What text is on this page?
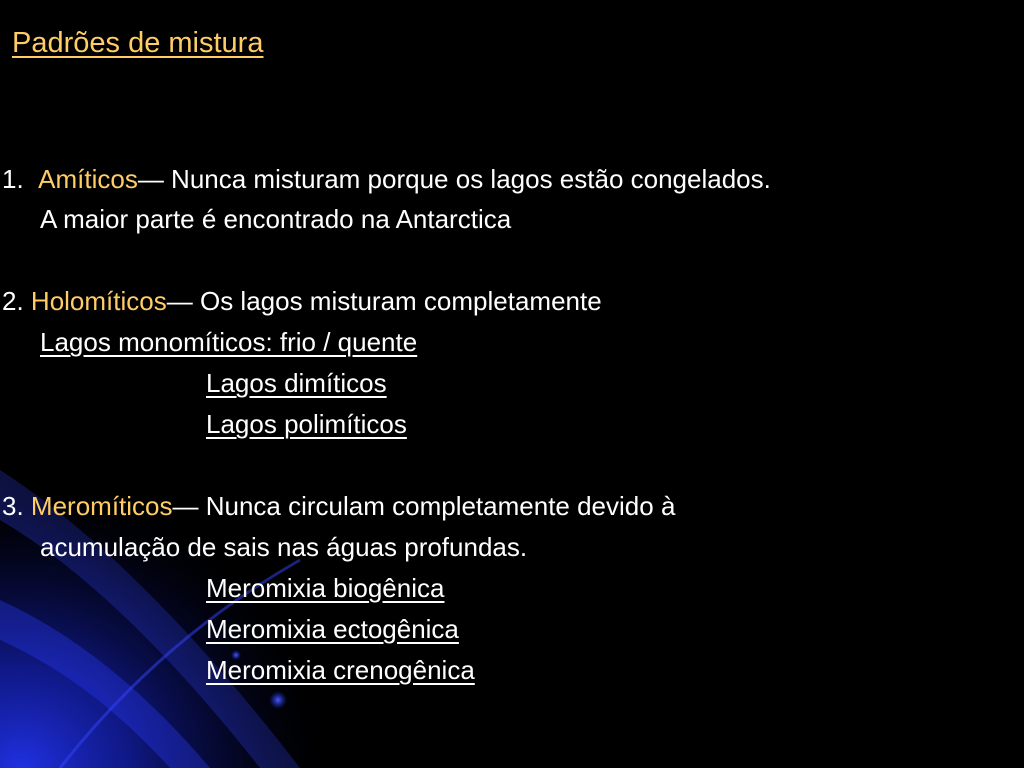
Padrões de mistura
1. Amíticos— Nunca misturam porque os lagos estão congelados.
A maior parte é encontrado na Antarctica
2. Holomíticos— Os lagos misturam completamente
Lagos monomíticos: frio / quente
Lagos dimíticos
Lagos polimíticos
3. Meromíticos— Nunca circulam completamente devido à
acumulação de sais nas águas profundas.
Meromixia biogênica
Meromixia ectogênica
Meromixia crenogênica
